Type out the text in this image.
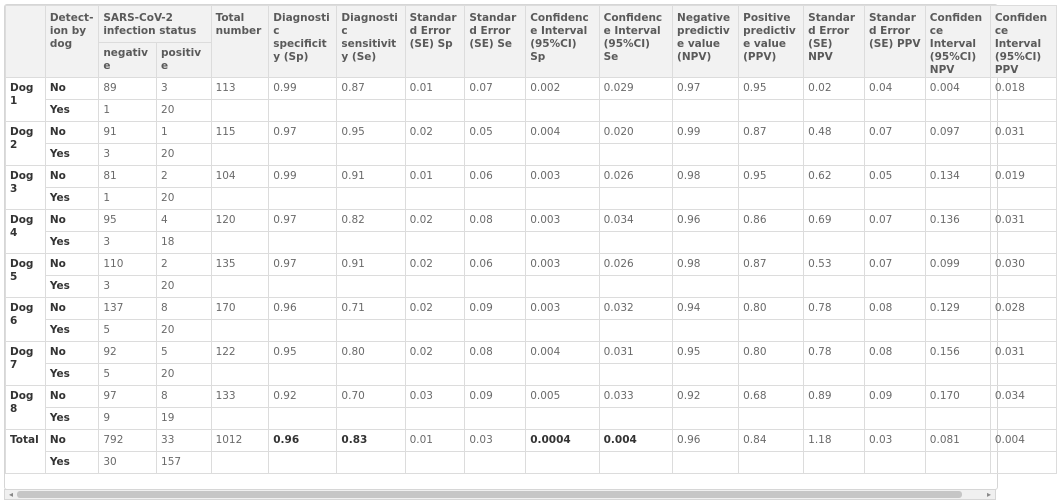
	Detect-ion by dog	SARS-CoV-2 infection status		Total number	Diagnostic specificity (Sp)	Diagnostic sensitivity (Se)	Standard Error (SE) Sp	Standard Error (SE) Se	Confidence Interval (95%CI) Sp	Confidence Interval (95%CI) Se	Negative predictive value (NPV)	Positive predictive value (PPV)	Standard Error (SE) NPV	Standard Error (SE) PPV	Confidence Interval (95%CI) NPV	Confidence Interval (95%CI) PPV
		negative	positive													
Dog 1	No	89	3	113	0.99	0.87	0.01	0.07	0.002	0.029	0.97	0.95	0.02	0.04	0.004	0.018
	Yes	1	20													
Dog 2	No	91	1	115	0.97	0.95	0.02	0.05	0.004	0.020	0.99	0.87	0.48	0.07	0.097	0.031
	Yes	3	20													
Dog 3	No	81	2	104	0.99	0.91	0.01	0.06	0.003	0.026	0.98	0.95	0.62	0.05	0.134	0.019
	Yes	1	20													
Dog 4	No	95	4	120	0.97	0.82	0.02	0.08	0.003	0.034	0.96	0.86	0.69	0.07	0.136	0.031
	Yes	3	18													
Dog 5	No	110	2	135	0.97	0.91	0.02	0.06	0.003	0.026	0.98	0.87	0.53	0.07	0.099	0.030
	Yes	3	20													
Dog 6	No	137	8	170	0.96	0.71	0.02	0.09	0.003	0.032	0.94	0.80	0.78	0.08	0.129	0.028
	Yes	5	20													
Dog 7	No	92	5	122	0.95	0.80	0.02	0.08	0.004	0.031	0.95	0.80	0.78	0.08	0.156	0.031
	Yes	5	20													
Dog 8	No	97	8	133	0.92	0.70	0.03	0.09	0.005	0.033	0.92	0.68	0.89	0.09	0.170	0.034
	Yes	9	19													
Total	No	792	33	1012	0.96	0.83	0.01	0.03	0.0004	0.004	0.96	0.84	1.18	0.03	0.081	0.004
	Yes	30	157													
◂	▸
